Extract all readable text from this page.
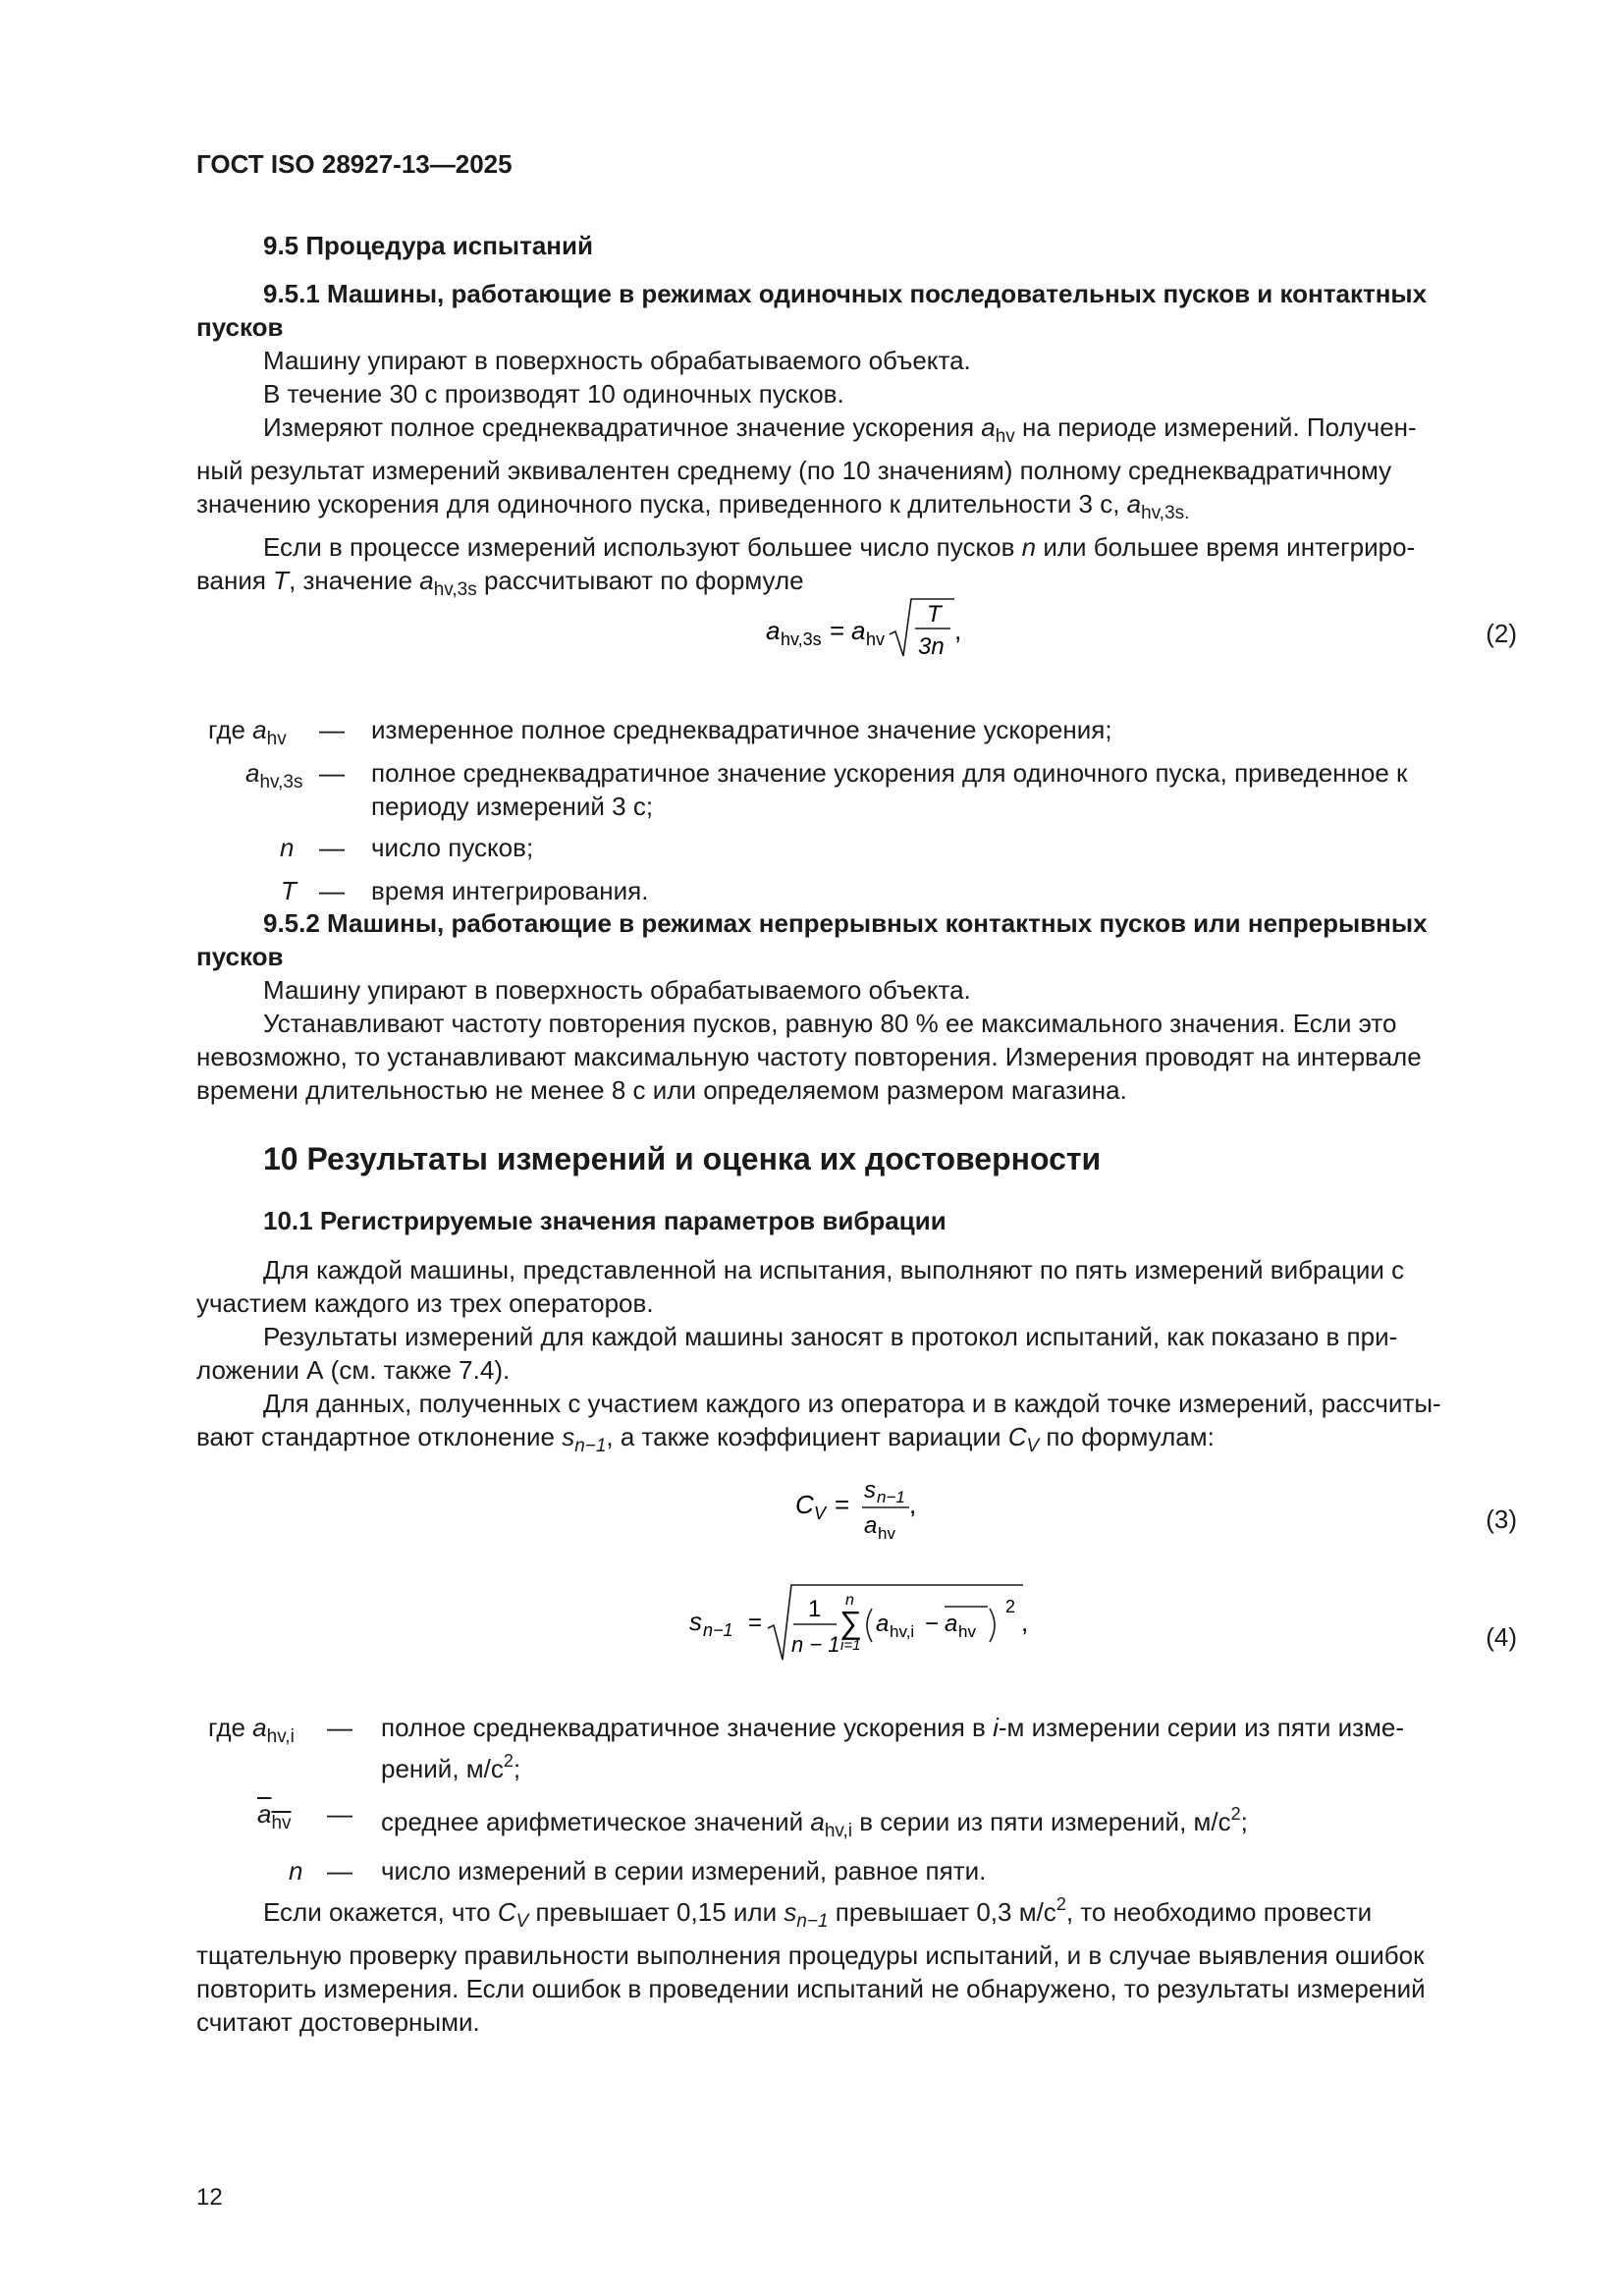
ГОСТ ISO 28927-13—2025
9.5 Процедура испытаний
9.5.1 Машины, работающие в режимах одиночных последовательных пусков и контактных
пусков
Машину упирают в поверхность обрабатываемого объекта.
В течение 30 с производят 10 одиночных пусков.
Измеряют полное среднеквадратичное значение ускорения $a_{hv}$ на периоде измерений. Получен-
ный результат измерений эквивалентен среднему (по 10 значениям) полному среднеквадратичному
значению ускорения для одиночного пуска, приведенного к длительности 3 с, $a_{hv,3s.}$
Если в процессе измерений используют большее число пусков n или большее время интегриро-
вания T, значение $a_{hv,3s}$ рассчитывают по формуле
a hv,3s = a hv
T
3n
,	(2)
где $a_{hv}$ — измеренное полное среднеквадратичное значение ускорения;
$a_{hv,3s}$ — полное среднеквадратичное значение ускорения для одиночного пуска, приведенное к
периоду измерений 3 с;
n — число пусков;
T — время интегрирования.
9.5.2 Машины, работающие в режимах непрерывных контактных пусков или непрерывных
пусков
Машину упирают в поверхность обрабатываемого объекта.
Устанавливают частоту повторения пусков, равную 80 % ее максимального значения. Если это
невозможно, то устанавливают максимальную частоту повторения. Измерения проводят на интервале
времени длительностью не менее 8 с или определяемом размером магазина.
10 Результаты измерений и оценка их достоверности
10.1 Регистрируемые значения параметров вибрации
Для каждой машины, представленной на испытания, выполняют по пять измерений вибрации с
участием каждого из трех операторов.
Результаты измерений для каждой машины заносят в протокол испытаний, как показано в при-
ложении А (см. также 7.4).
Для данных, полученных с участием каждого из оператора и в каждой точке измерений, рассчиты-
вают стандартное отклонение $s_{n-1}$, а также коэффициент вариации $C_V$ по формулам:
C V = s n−1
a hv
,	(3)
s n−1 =
1
n − 1
n
∑
i=1
a hv,i − a hv
2
,	(4)
где $a_{hv,i}$ — полное среднеквадратичное значение ускорения в i-м измерении серии из пяти изме-
рений, $м/с^2$;
$a_{hv}$ — среднее арифметическое значений $a_{hv,i}$ в серии из пяти измерений, $м/с^2$;
n — число измерений в серии измерений, равное пяти.
Если окажется, что $C_V$ превышает 0,15 или $s_{n-1}$ превышает 0,3 $м/с^2$, то необходимо провести
тщательную проверку правильности выполнения процедуры испытаний, и в случае выявления ошибок
повторить измерения. Если ошибок в проведении испытаний не обнаружено, то результаты измерений
считают достоверными.
12
